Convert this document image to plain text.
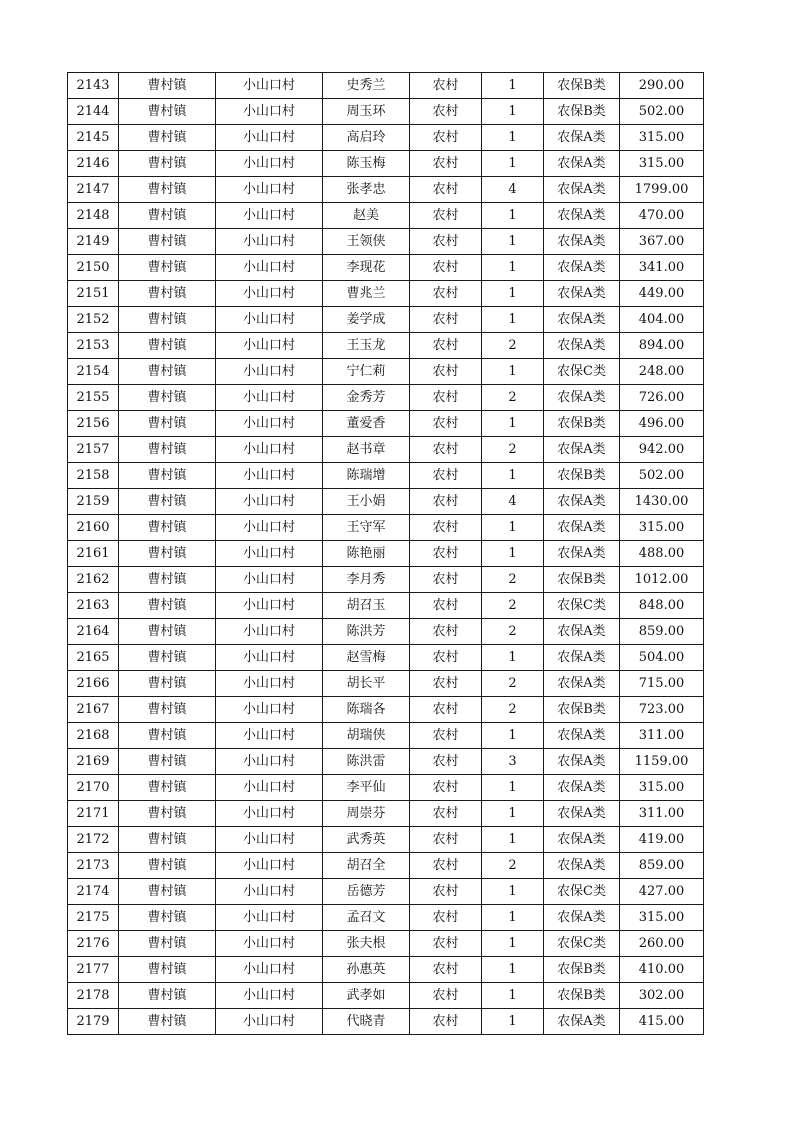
2143	曹村镇	小山口村	史秀兰	农村	1	农保B类	290.00
2144	曹村镇	小山口村	周玉环	农村	1	农保B类	502.00
2145	曹村镇	小山口村	高启玲	农村	1	农保A类	315.00
2146	曹村镇	小山口村	陈玉梅	农村	1	农保A类	315.00
2147	曹村镇	小山口村	张孝忠	农村	4	农保A类	1799.00
2148	曹村镇	小山口村	赵美	农村	1	农保A类	470.00
2149	曹村镇	小山口村	王领侠	农村	1	农保A类	367.00
2150	曹村镇	小山口村	李现花	农村	1	农保A类	341.00
2151	曹村镇	小山口村	曹兆兰	农村	1	农保A类	449.00
2152	曹村镇	小山口村	姜学成	农村	1	农保A类	404.00
2153	曹村镇	小山口村	王玉龙	农村	2	农保A类	894.00
2154	曹村镇	小山口村	宁仁莉	农村	1	农保C类	248.00
2155	曹村镇	小山口村	金秀芳	农村	2	农保A类	726.00
2156	曹村镇	小山口村	董爱香	农村	1	农保B类	496.00
2157	曹村镇	小山口村	赵书章	农村	2	农保A类	942.00
2158	曹村镇	小山口村	陈瑞增	农村	1	农保B类	502.00
2159	曹村镇	小山口村	王小娟	农村	4	农保A类	1430.00
2160	曹村镇	小山口村	王守军	农村	1	农保A类	315.00
2161	曹村镇	小山口村	陈艳丽	农村	1	农保A类	488.00
2162	曹村镇	小山口村	李月秀	农村	2	农保B类	1012.00
2163	曹村镇	小山口村	胡召玉	农村	2	农保C类	848.00
2164	曹村镇	小山口村	陈洪芳	农村	2	农保A类	859.00
2165	曹村镇	小山口村	赵雪梅	农村	1	农保A类	504.00
2166	曹村镇	小山口村	胡长平	农村	2	农保A类	715.00
2167	曹村镇	小山口村	陈瑞各	农村	2	农保B类	723.00
2168	曹村镇	小山口村	胡瑞侠	农村	1	农保A类	311.00
2169	曹村镇	小山口村	陈洪雷	农村	3	农保A类	1159.00
2170	曹村镇	小山口村	李平仙	农村	1	农保A类	315.00
2171	曹村镇	小山口村	周崇芬	农村	1	农保A类	311.00
2172	曹村镇	小山口村	武秀英	农村	1	农保A类	419.00
2173	曹村镇	小山口村	胡召全	农村	2	农保A类	859.00
2174	曹村镇	小山口村	岳德芳	农村	1	农保C类	427.00
2175	曹村镇	小山口村	孟召文	农村	1	农保A类	315.00
2176	曹村镇	小山口村	张夫根	农村	1	农保C类	260.00
2177	曹村镇	小山口村	孙惠英	农村	1	农保B类	410.00
2178	曹村镇	小山口村	武孝如	农村	1	农保B类	302.00
2179	曹村镇	小山口村	代晓青	农村	1	农保A类	415.00
